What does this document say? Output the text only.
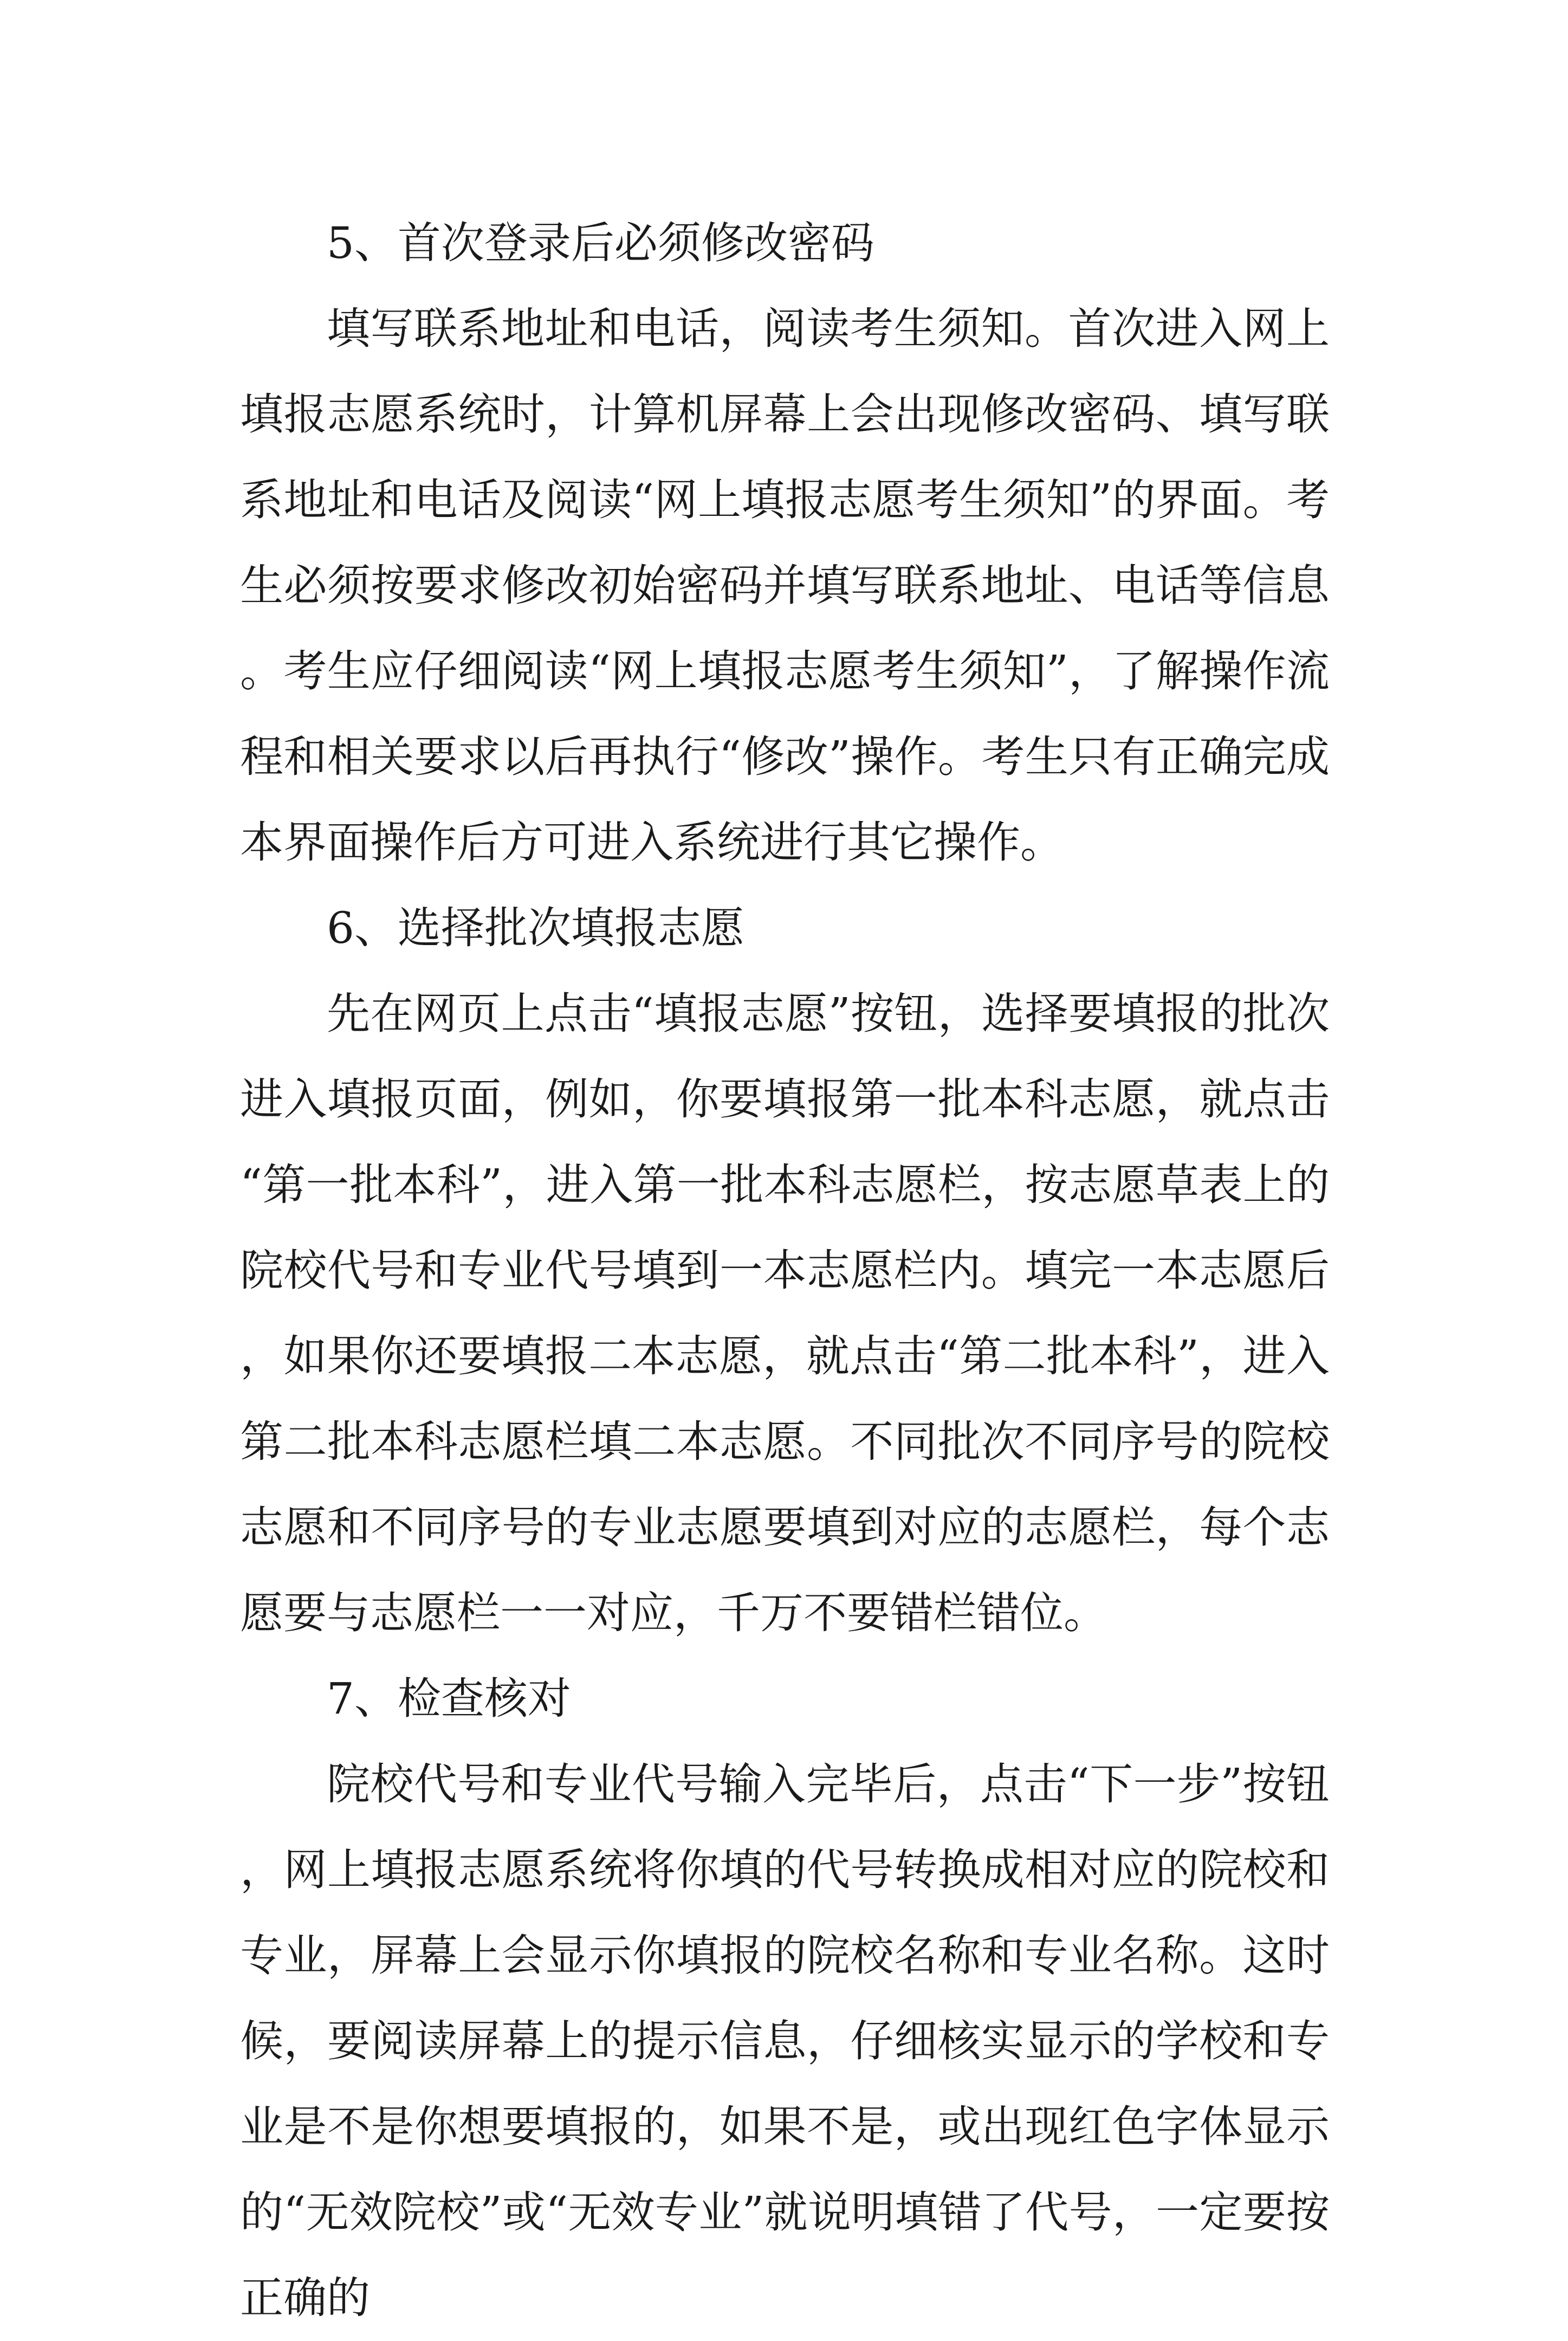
5、首次登录后必须修改密码

填写联系地址和电话，阅读考生须知。首次进入网上填报志愿系统时，计算机屏幕上会出现修改密码、填写联系地址和电话及阅读“网上填报志愿考生须知”的界面。考生必须按要求修改初始密码并填写联系地址、电话等信息。考生应仔细阅读“网上填报志愿考生须知”，了解操作流程和相关要求以后再执行“修改”操作。考生只有正确完成本界面操作后方可进入系统进行其它操作。

6、选择批次填报志愿

先在网页上点击“填报志愿”按钮，选择要填报的批次进入填报页面，例如，你要填报第一批本科志愿，就点击“第一批本科”，进入第一批本科志愿栏，按志愿草表上的院校代号和专业代号填到一本志愿栏内。填完一本志愿后，如果你还要填报二本志愿，就点击“第二批本科”，进入第二批本科志愿栏填二本志愿。不同批次不同序号的院校志愿和不同序号的专业志愿要填到对应的志愿栏，每个志愿要与志愿栏一一对应，千万不要错栏错位。

7、检查核对

院校代号和专业代号输入完毕后，点击“下一步”按钮，网上填报志愿系统将你填的代号转换成相对应的院校和专业，屏幕上会显示你填报的院校名称和专业名称。这时候，要阅读屏幕上的提示信息，仔细核实显示的学校和专业是不是你想要填报的，如果不是，或出现红色字体显示的“无效院校”或“无效专业”就说明填错了代号，一定要按正确的
